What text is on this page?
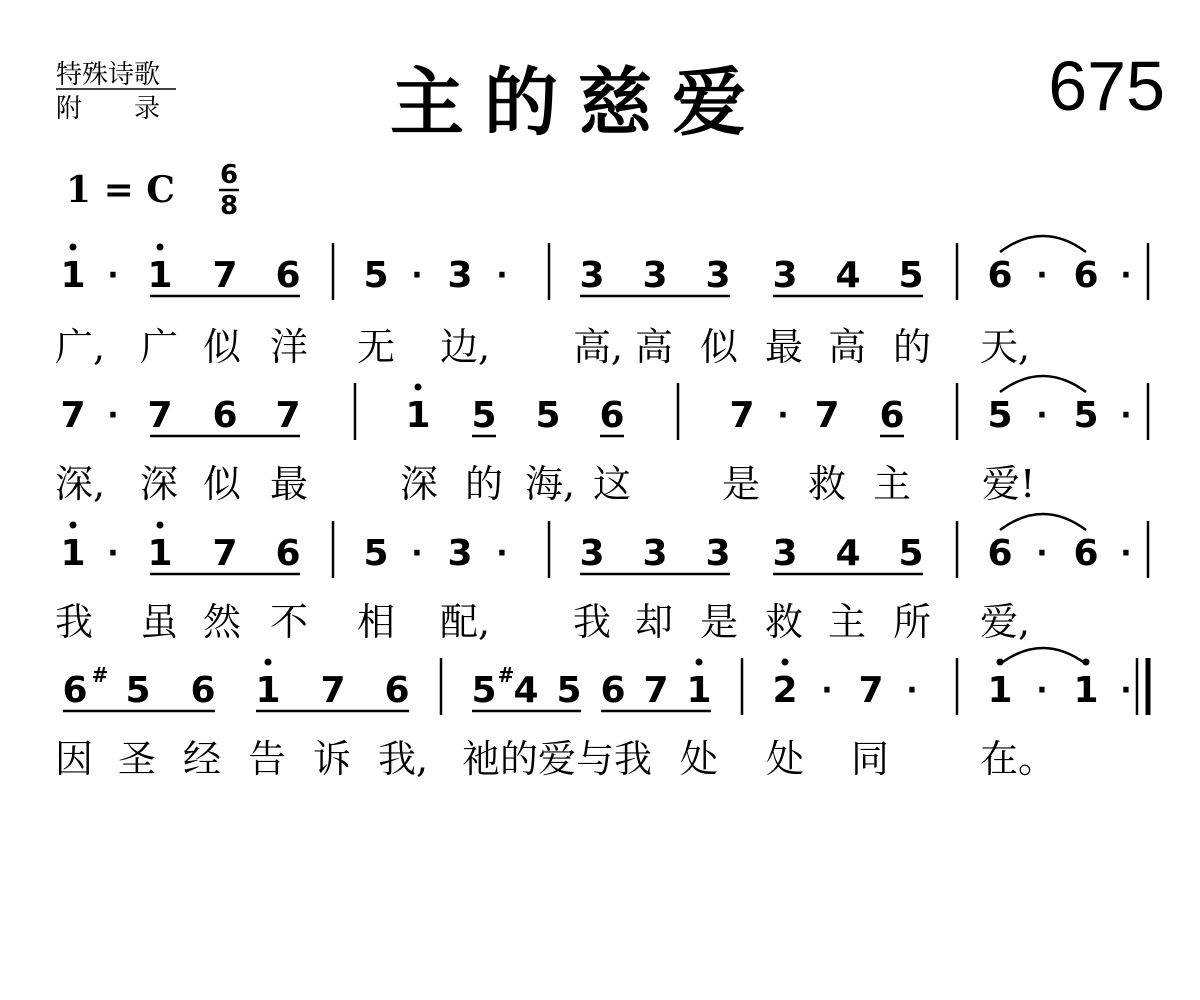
特殊诗歌
附　　录	主的慈爱	675
1 = C 6
8
1 · 1 7 6 5 · 3 · 3 3 3 3 4 5 6 · 6 ·
广, 广 似 洋 无 边, 高, 高 似 最 高 的 天,
7 · 7 6 7	1 5 5 6	7 · 7 6 5 · 5 ·
深, 深 似 最 深 的 海, 这 是 救 主 爱!
1 · 1 7 6 5 · 3 · 3 3 3 3 4 5 6 · 6 ·
我 虽 然 不 相 配, 我 却 是 救 主 所 爱,
6 # 5 6 1 7 6 5 # 4 5 6 7 1 2 · 7 · 1 · 1 ·
因 圣 经 告 诉 我, 祂 的 爱 与 我 处 处 同 在。
